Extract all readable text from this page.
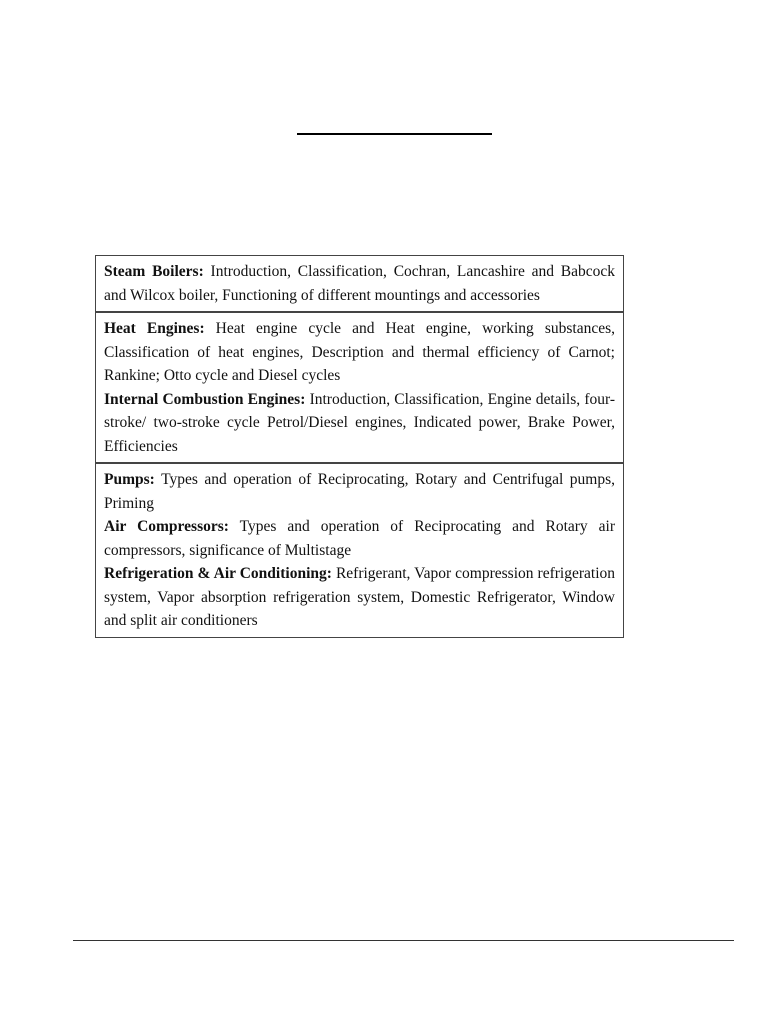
Steam Boilers: Introduction, Classification, Cochran, Lancashire and Babcock and Wilcox boiler, Functioning of different mountings and accessories

Heat Engines: Heat engine cycle and Heat engine, working substances, Classification of heat engines, Description and thermal efficiency of Carnot; Rankine; Otto cycle and Diesel cycles

Internal Combustion Engines: Introduction, Classification, Engine details, four-stroke/ two-stroke cycle Petrol/Diesel engines, Indicated power, Brake Power, Efficiencies

Pumps: Types and operation of Reciprocating, Rotary and Centrifugal pumps, Priming

Air Compressors: Types and operation of Reciprocating and Rotary air compressors, significance of Multistage

Refrigeration & Air Conditioning: Refrigerant, Vapor compression refrigeration system, Vapor absorption refrigeration system, Domestic Refrigerator, Window and split air conditioners
